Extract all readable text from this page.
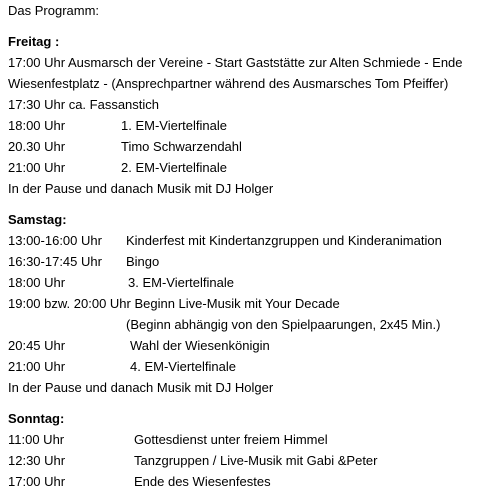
Das Programm:
Freitag :
17:00 Uhr Ausmarsch der Vereine - Start Gaststätte zur Alten Schmiede - Ende
Wiesenfestplatz - (Ansprechpartner während des Ausmarsches Tom Pfeiffer)
17:30 Uhr ca. Fassanstich
18:00 Uhr	1. EM-Viertelfinale
20.30 Uhr	Timo Schwarzendahl
21:00 Uhr	2. EM-Viertelfinale
In der Pause und danach Musik mit DJ Holger
Samstag:
13:00-16:00 Uhr Kinderfest mit Kindertanzgruppen und Kinderanimation
16:30-17:45 Uhr Bingo
18:00 Uhr	3. EM-Viertelfinale
19:00 bzw. 20:00 Uhr Beginn Live-Musik mit Your Decade
(Beginn abhängig von den Spielpaarungen, 2x45 Min.)
20:45 Uhr	Wahl der Wiesenkönigin
21:00 Uhr	4. EM-Viertelfinale
In der Pause und danach Musik mit DJ Holger
Sonntag:
11:00 Uhr	Gottesdienst unter freiem Himmel
12:30 Uhr	Tanzgruppen / Live-Musik mit Gabi &Peter
17:00 Uhr	Ende des Wiesenfestes
